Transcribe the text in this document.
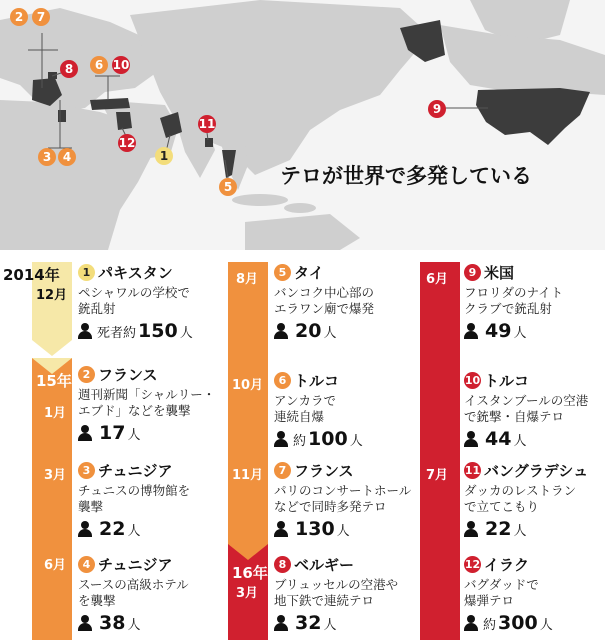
2	7
8	6 10
3 4
12
1
11
5
9
テロが世界で多発している
2014年
12月
15年
1月
3月
6月
8月
10月
11月
16年
3月
6月
7月
1 パキスタン
ペシャワルの学校で
銃乱射
死者約 150 人
2 フランス
週刊新聞「シャルリー・
エブド」などを襲撃
17 人
3 チュニジア
チュニスの博物館を
襲撃
22 人
4 チュニジア
スースの高級ホテル
を襲撃
38 人
5 タイ
バンコク中心部の
エラワン廟で爆発
20 人
6 トルコ
アンカラで
連続自爆
約 100 人
7 フランス
パリのコンサートホール
などで同時多発テロ
130 人
8 ベルギー
ブリュッセルの空港や
地下鉄で連続テロ
32 人
9 米国
フロリダのナイト
クラブで銃乱射
49 人
10 トルコ
イスタンブールの空港
で銃撃・自爆テロ
44 人
11 バングラデシュ
ダッカのレストラン
で立てこもり
22 人
12 イラク
バグダッドで
爆弾テロ
約 300 人
